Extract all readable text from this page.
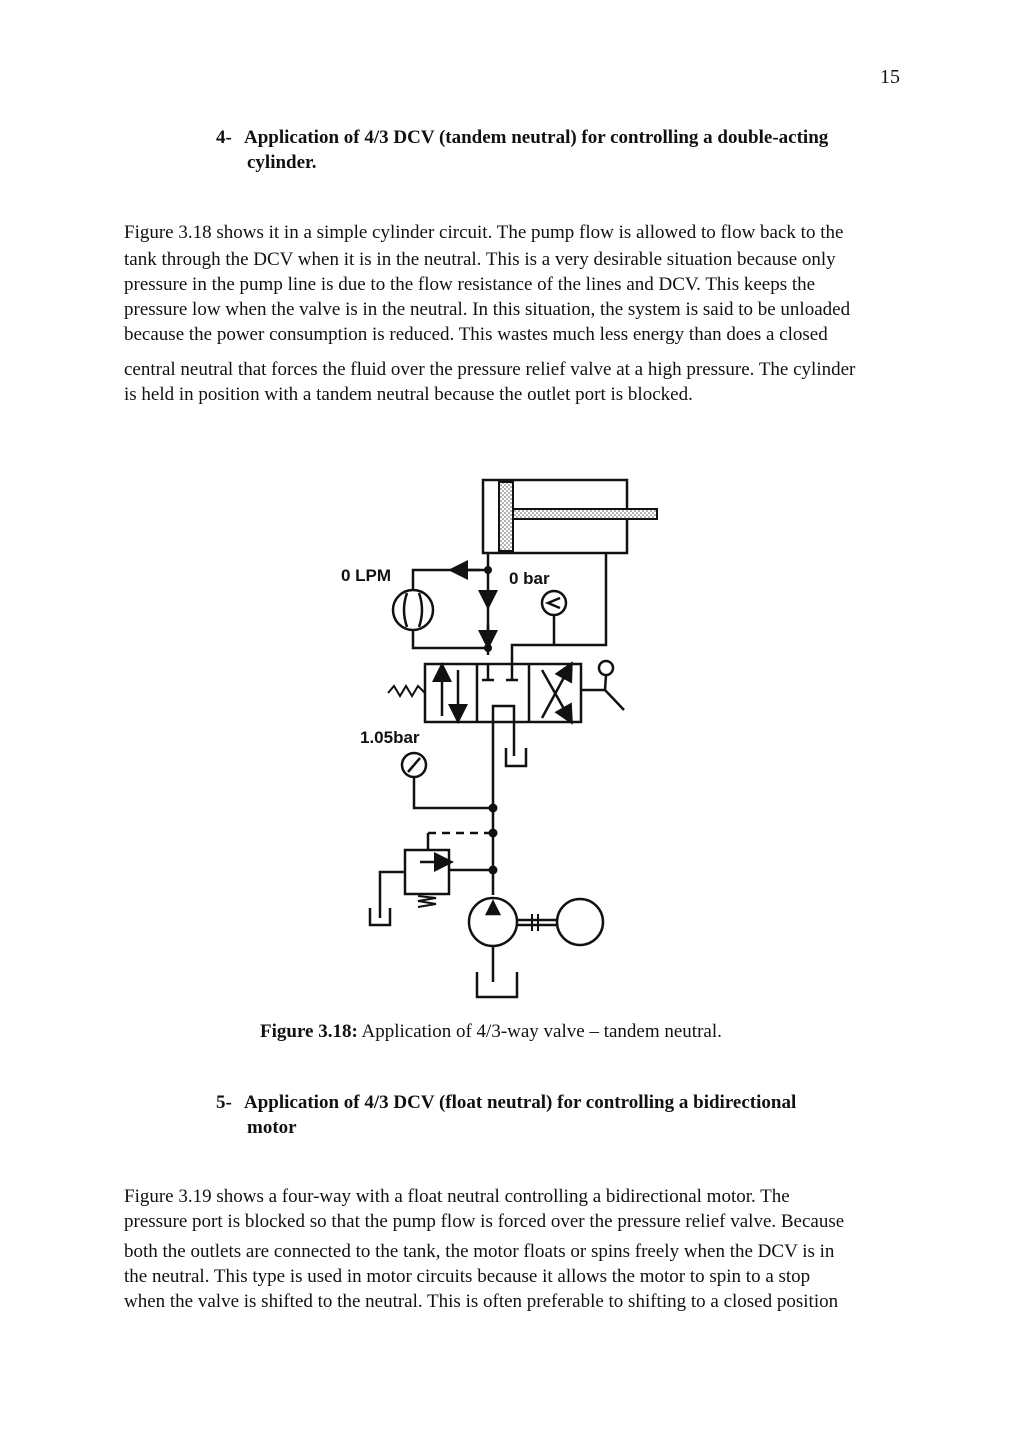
15
4- Application of 4/3 DCV (tandem neutral) for controlling a double-acting
cylinder.
Figure 3.18 shows it in a simple cylinder circuit. The pump flow is allowed to flow back to the
tank through the DCV when it is in the neutral. This is a very desirable situation because only
pressure in the pump line is due to the flow resistance of the lines and DCV. This keeps the
pressure low when the valve is in the neutral. In this situation, the system is said to be unloaded
because the power consumption is reduced. This wastes much less energy than does a closed
central neutral that forces the fluid over the pressure relief valve at a high pressure. The cylinder
is held in position with a tandem neutral because the outlet port is blocked.
0 LPM	0 bar
1.05bar
Figure 3.18: Application of 4/3-way valve – tandem neutral.
5- Application of 4/3 DCV (float neutral) for controlling a bidirectional
motor
Figure 3.19 shows a four-way with a float neutral controlling a bidirectional motor. The
pressure port is blocked so that the pump flow is forced over the pressure relief valve. Because
both the outlets are connected to the tank, the motor floats or spins freely when the DCV is in
the neutral. This type is used in motor circuits because it allows the motor to spin to a stop
when the valve is shifted to the neutral. This is often preferable to shifting to a closed position
